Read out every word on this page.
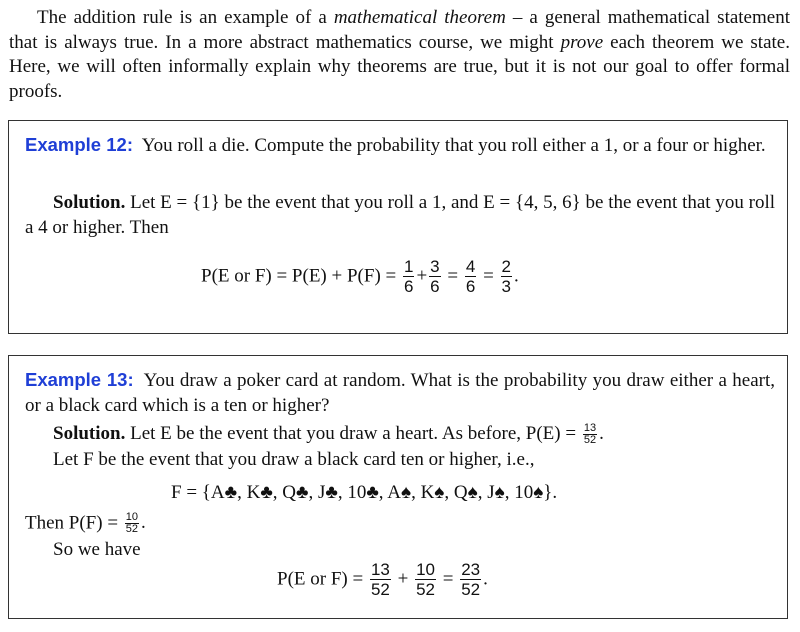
The addition rule is an example of a mathematical theorem – a general mathematical statement that is always true. In a more abstract mathematics course, we might prove each theorem we state. Here, we will often informally explain why theorems are true, but it is not our goal to offer formal proofs.
Example 12: You roll a die. Compute the probability that you roll either a 1, or a four or higher.
Solution. Let E = {1} be the event that you roll a 1, and E = {4, 5, 6} be the event that you roll a 4 or higher. Then
P(E or $F) = P(E) + P(F) = \frac{1}{6} + \frac{3}{6} = \frac{4}{6} = \frac{2}{3}$ .
Example 13: You draw a poker card at random. What is the probability you draw either a heart, or a black card which is a ten or higher?
Solution. Let E be the event that you draw a heart. As before, $P(E) = \frac{13}{52}$ .
Let F be the event that you draw a black card ten or higher, i.e.,
F = {A♣, K♣, Q♣, J♣, 10♣, A♠, K♠, Q♠, J♠, 10♠}.
Then $P(F) = \frac{10}{52}$ .
So we have
P(E or $F) = \frac{13}{52} + \frac{10}{52} = \frac{23}{52}$ .
